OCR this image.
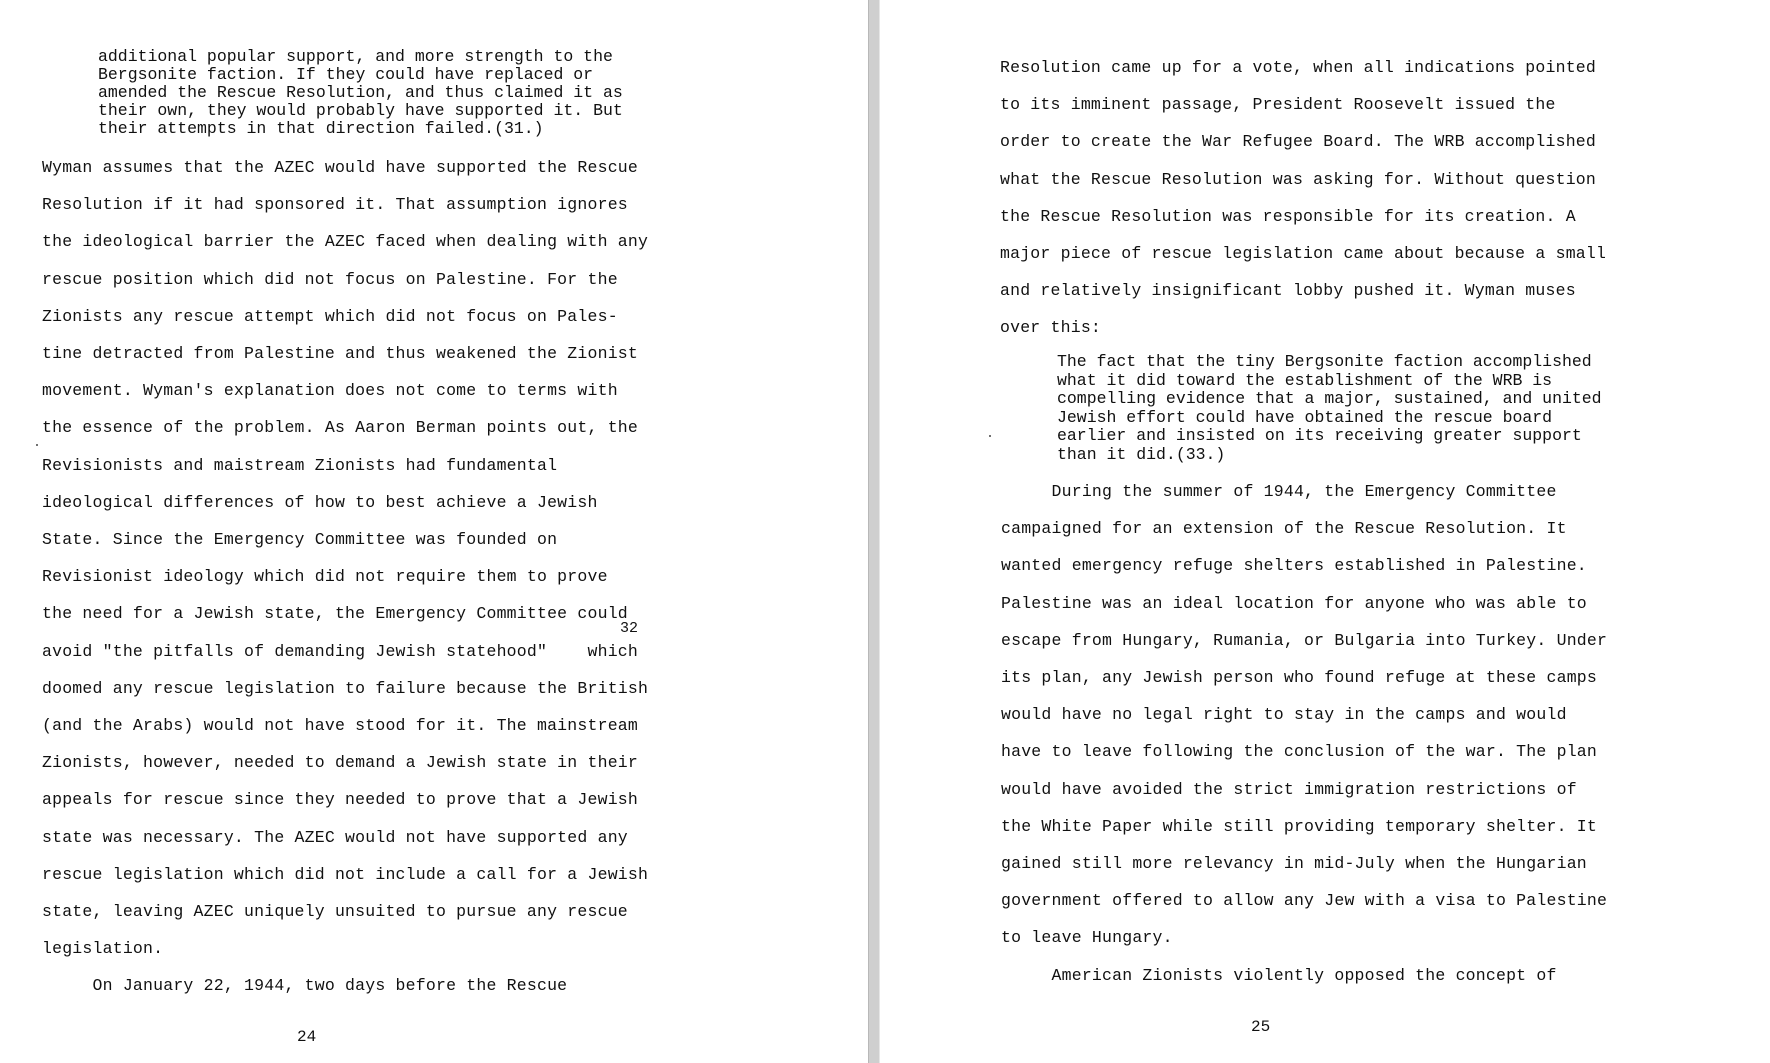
additional popular support, and more strength to the
Bergsonite faction. If they could have replaced or
amended the Rescue Resolution, and thus claimed it as
their own, they would probably have supported it. But
their attempts in that direction failed.(31.)
Wyman assumes that the AZEC would have supported the Rescue
Resolution if it had sponsored it. That assumption ignores
the ideological barrier the AZEC faced when dealing with any
rescue position which did not focus on Palestine. For the
Zionists any rescue attempt which did not focus on Pales-
tine detracted from Palestine and thus weakened the Zionist
movement. Wyman's explanation does not come to terms with
the essence of the problem. As Aaron Berman points out, the
Revisionists and maistream Zionists had fundamental
ideological differences of how to best achieve a Jewish
State. Since the Emergency Committee was founded on
Revisionist ideology which did not require them to prove
the need for a Jewish state, the Emergency Committee could
avoid "the pitfalls of demanding Jewish statehood"    which
doomed any rescue legislation to failure because the British
(and the Arabs) would not have stood for it. The mainstream
Zionists, however, needed to demand a Jewish state in their
appeals for rescue since they needed to prove that a Jewish
state was necessary. The AZEC would not have supported any
rescue legislation which did not include a call for a Jewish
state, leaving AZEC uniquely unsuited to pursue any rescue
legislation.
On January 22, 1944, two days before the Rescue
32
24
Resolution came up for a vote, when all indications pointed
to its imminent passage, President Roosevelt issued the
order to create the War Refugee Board. The WRB accomplished
what the Rescue Resolution was asking for. Without question
the Rescue Resolution was responsible for its creation. A
major piece of rescue legislation came about because a small
and relatively insignificant lobby pushed it. Wyman muses
over this:
The fact that the tiny Bergsonite faction accomplished
what it did toward the establishment of the WRB is
compelling evidence that a major, sustained, and united
Jewish effort could have obtained the rescue board
earlier and insisted on its receiving greater support
than it did.(33.)
During the summer of 1944, the Emergency Committee
campaigned for an extension of the Rescue Resolution. It
wanted emergency refuge shelters established in Palestine.
Palestine was an ideal location for anyone who was able to
escape from Hungary, Rumania, or Bulgaria into Turkey. Under
its plan, any Jewish person who found refuge at these camps
would have no legal right to stay in the camps and would
have to leave following the conclusion of the war. The plan
would have avoided the strict immigration restrictions of
the White Paper while still providing temporary shelter. It
gained still more relevancy in mid-July when the Hungarian
government offered to allow any Jew with a visa to Palestine
to leave Hungary.
American Zionists violently opposed the concept of
25
